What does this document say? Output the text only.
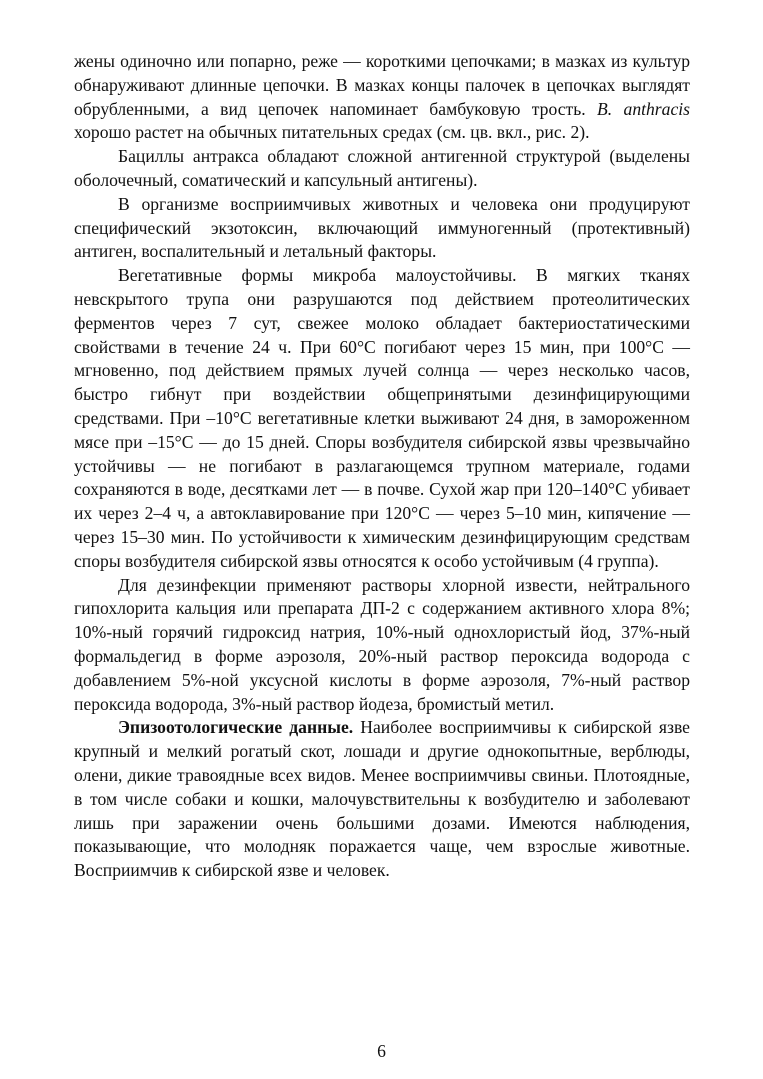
жены одиночно или попарно, реже — короткими цепочками; в мазках из культур обнаруживают длинные цепочки. В мазках концы палочек в цепочках выглядят обрубленными, а вид цепочек напоминает бамбуковую трость. B. anthracis хорошо растет на обычных питательных средах (см. цв. вкл., рис. 2).

Бациллы антракса обладают сложной антигенной структурой (выделены оболочечный, соматический и капсульный антигены).

В организме восприимчивых животных и человека они продуцируют специфический экзотоксин, включающий иммуногенный (протективный) антиген, воспалительный и летальный факторы.

Вегетативные формы микроба малоустойчивы. В мягких тканях невскрытого трупа они разрушаются под действием протеолитических ферментов через 7 сут, свежее молоко обладает бактериостатическими свойствами в течение 24 ч. При 60°С погибают через 15 мин, при 100°С — мгновенно, под действием прямых лучей солнца — через несколько часов, быстро гибнут при воздействии общепринятыми дезинфицирующими средствами. При –10°С вегетативные клетки выживают 24 дня, в замороженном мясе при –15°С — до 15 дней. Споры возбудителя сибирской язвы чрезвычайно устойчивы — не погибают в разлагающемся трупном материале, годами сохраняются в воде, десятками лет — в почве. Сухой жар при 120–140°С убивает их через 2–4 ч, а автоклавирование при 120°С — через 5–10 мин, кипячение — через 15–30 мин. По устойчивости к химическим дезинфицирующим средствам споры возбудителя сибирской язвы относятся к особо устойчивым (4 группа).

Для дезинфекции применяют растворы хлорной извести, нейтрального гипохлорита кальция или препарата ДП-2 с содержанием активного хлора 8%; 10%-ный горячий гидроксид натрия, 10%-ный однохлористый йод, 37%-ный формальдегид в форме аэрозоля, 20%-ный раствор пероксида водорода с добавлением 5%-ной уксусной кислоты в форме аэрозоля, 7%-ный раствор пероксида водорода, 3%-ный раствор йодеза, бромистый метил.

Эпизоотологические данные. Наиболее восприимчивы к сибирской язве крупный и мелкий рогатый скот, лошади и другие однокопытные, верблюды, олени, дикие травоядные всех видов. Менее восприимчивы свиньи. Плотоядные, в том числе собаки и кошки, малочувствительны к возбудителю и заболевают лишь при заражении очень большими дозами. Имеются наблюдения, показывающие, что молодняк поражается чаще, чем взрослые животные. Восприимчив к сибирской язве и человек.

6
